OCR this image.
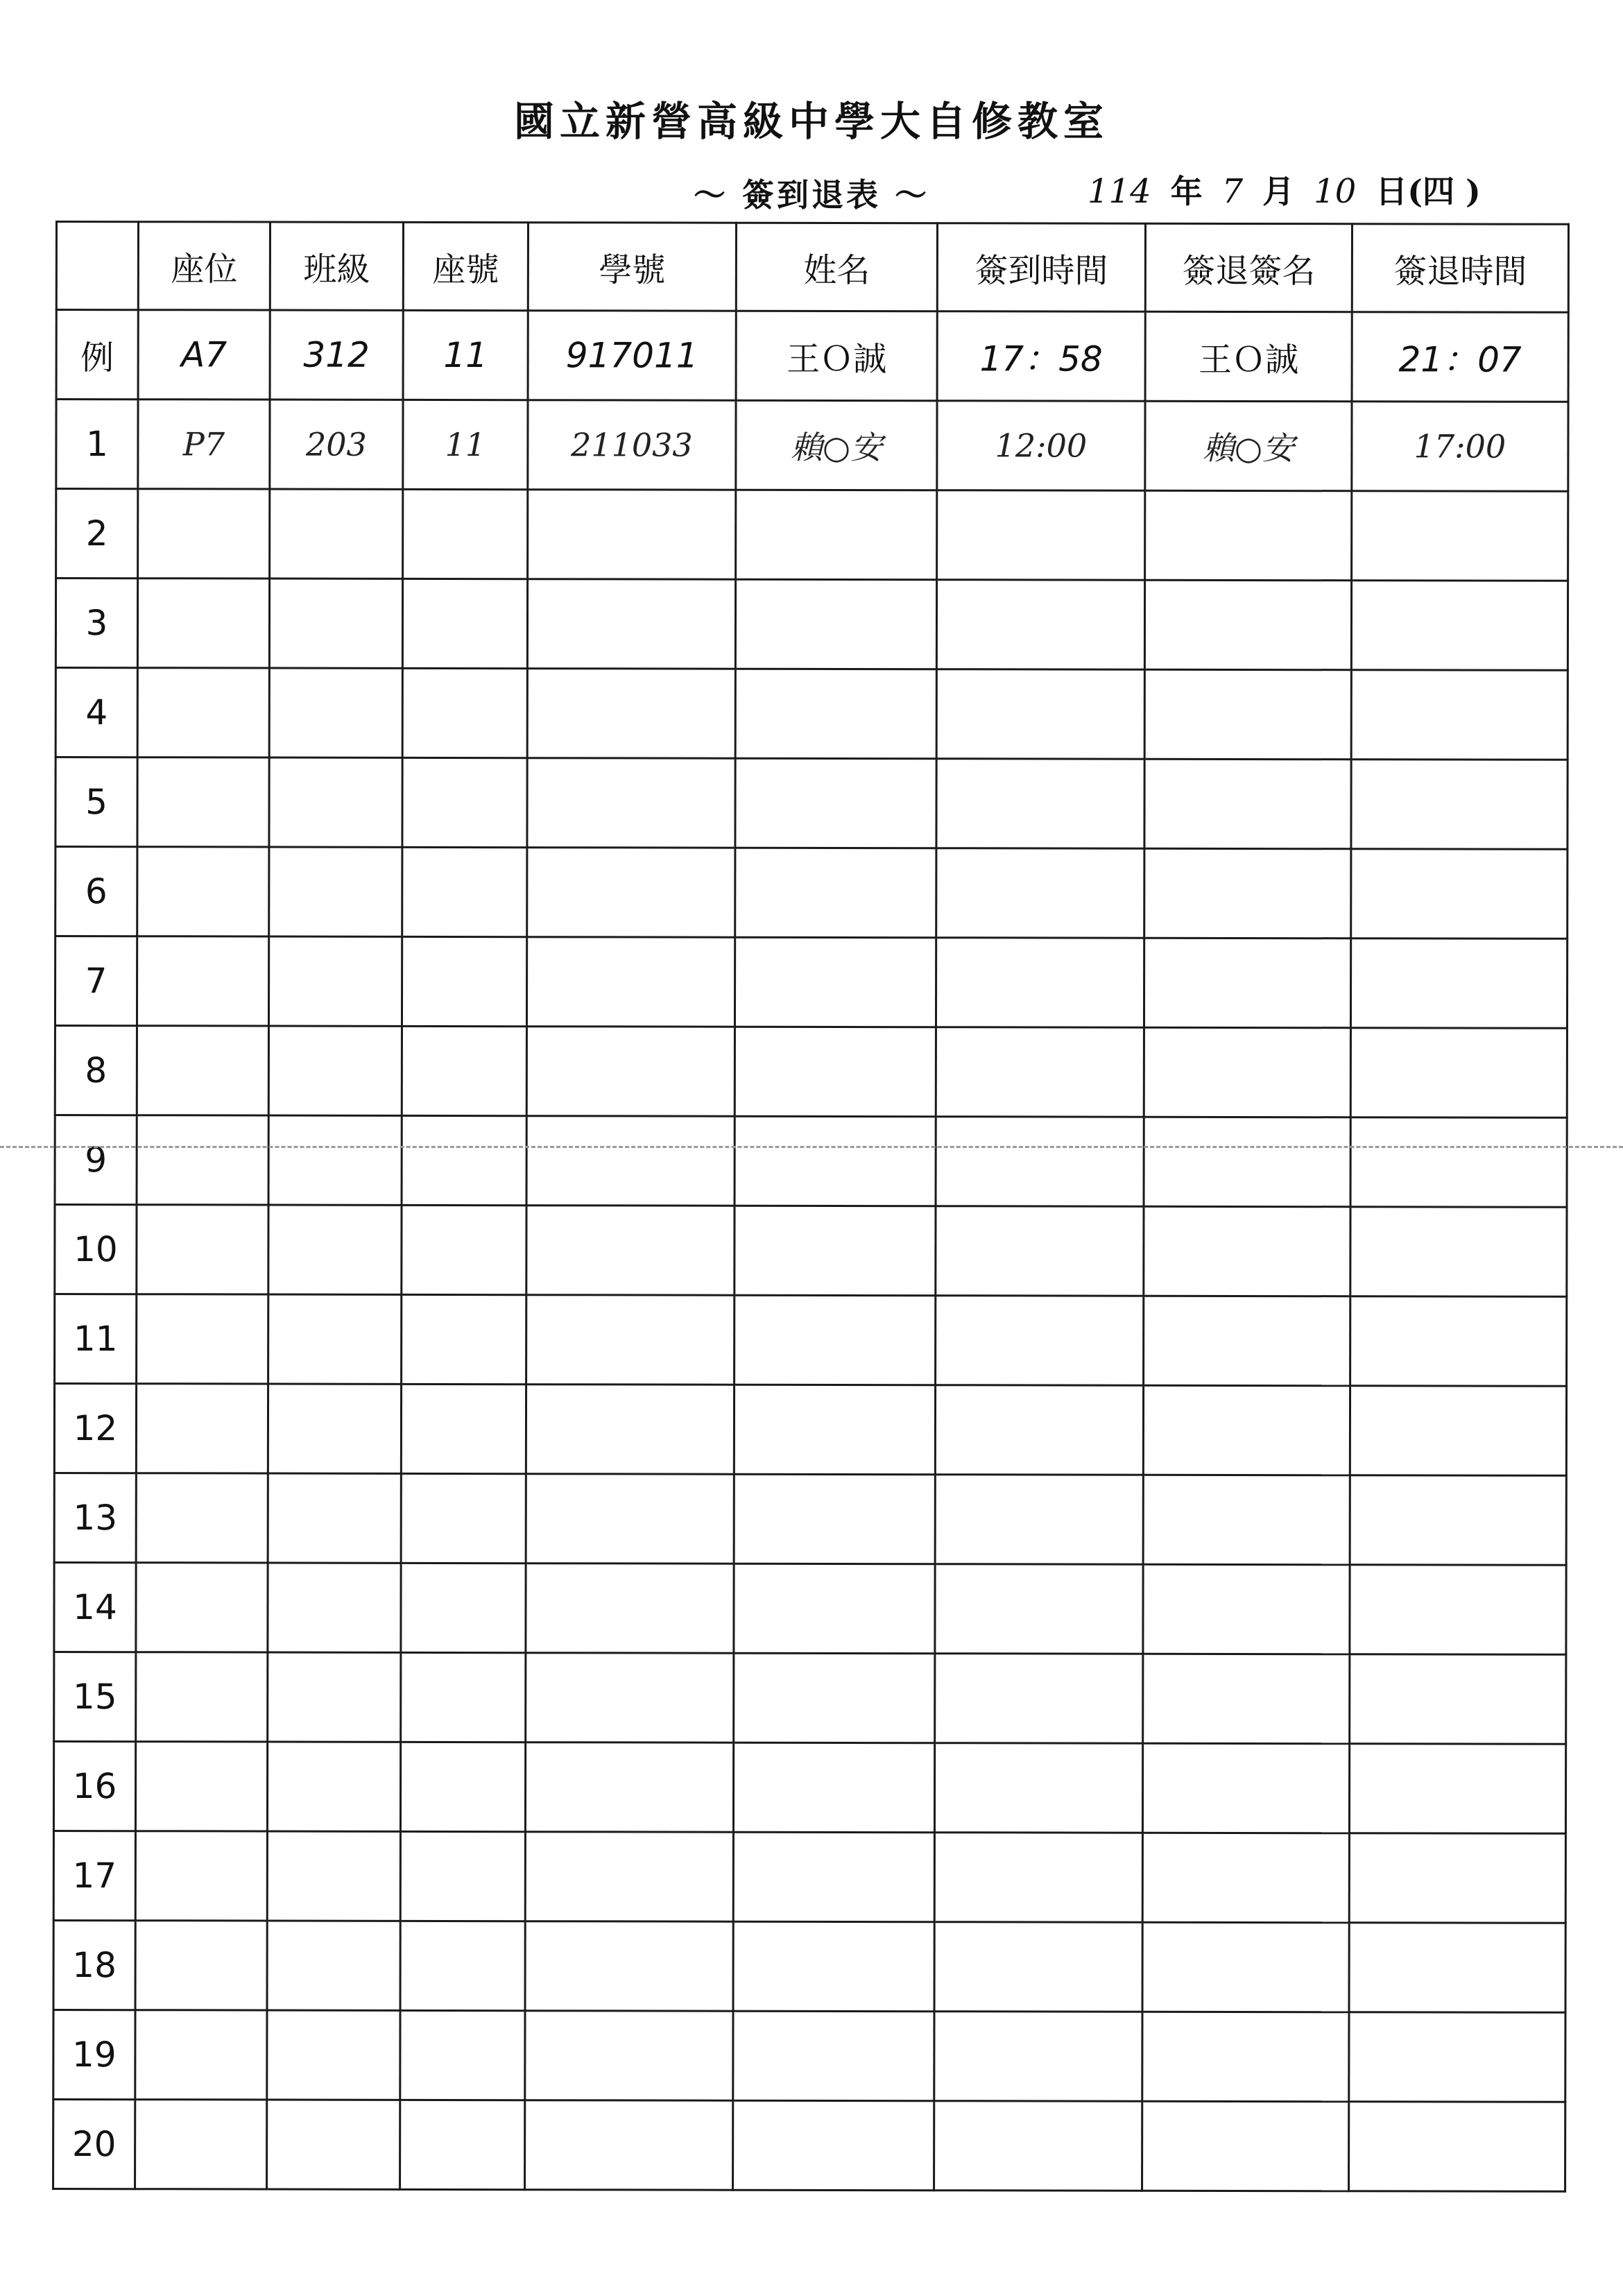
國立新營高級中學大自修教室
～ 簽到退表 ～	114 年 7 月 10 日(四 )
	座位	班級	座號	學號	姓名	簽到時間	簽退簽名	簽退時間
例	A7	312	11	917011	王Ｏ誠	17：58	王Ｏ誠	21：07
1	P7	203	11	211033	賴○安	12:00	賴○安	17:00
2								
3								
4								
5								
6								
7								
8								
9								
10								
11								
12								
13								
14								
15								
16								
17								
18								
19								
20								
